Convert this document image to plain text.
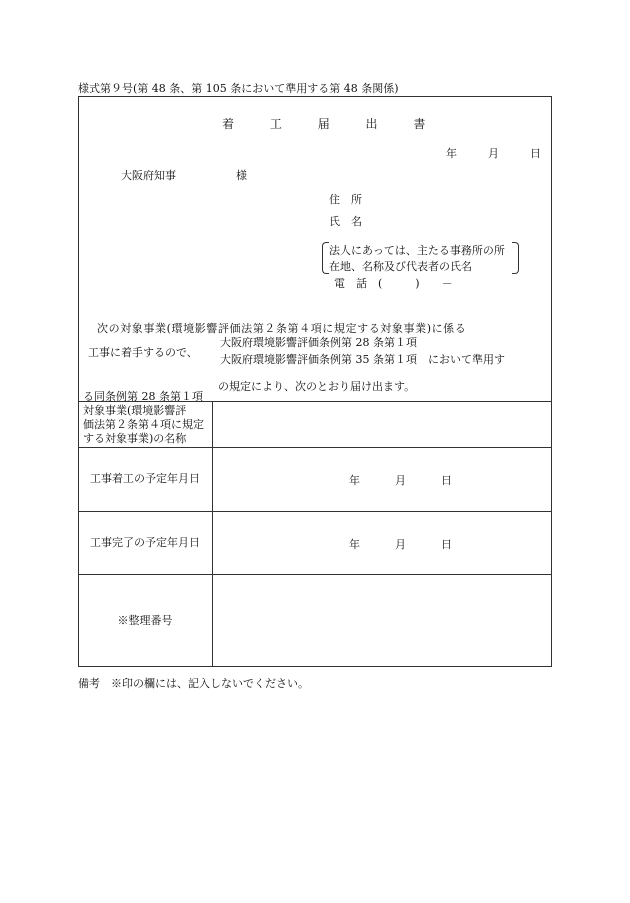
様式第９号(第 48 条、第 105 条において準用する第 48 条関係)
着	工	届	出	書
年	月	日
大阪府知事	様
住　所
氏　名
法人にあっては、主たる事務所の所
在地、名称及び代表者の氏名
電　話　(　　　)　　－
次の対象事業(環境影響評価法第２条第４項に規定する対象事業)に係る
工事に着手するので、
大阪府環境影響評価条例第 28 条第１項
大阪府環境影響評価条例第 35 条第１項　において準用す
の規定により、次のとおり届け出ます。
る同条例第 28 条第１項
対象事業(環境影響評
価法第２条第４項に規定
する対象事業)の名称
工事着工の予定年月日	年	月	日
工事完了の予定年月日	年	月	日
※整理番号
備考　※印の欄には、記入しないでください。
